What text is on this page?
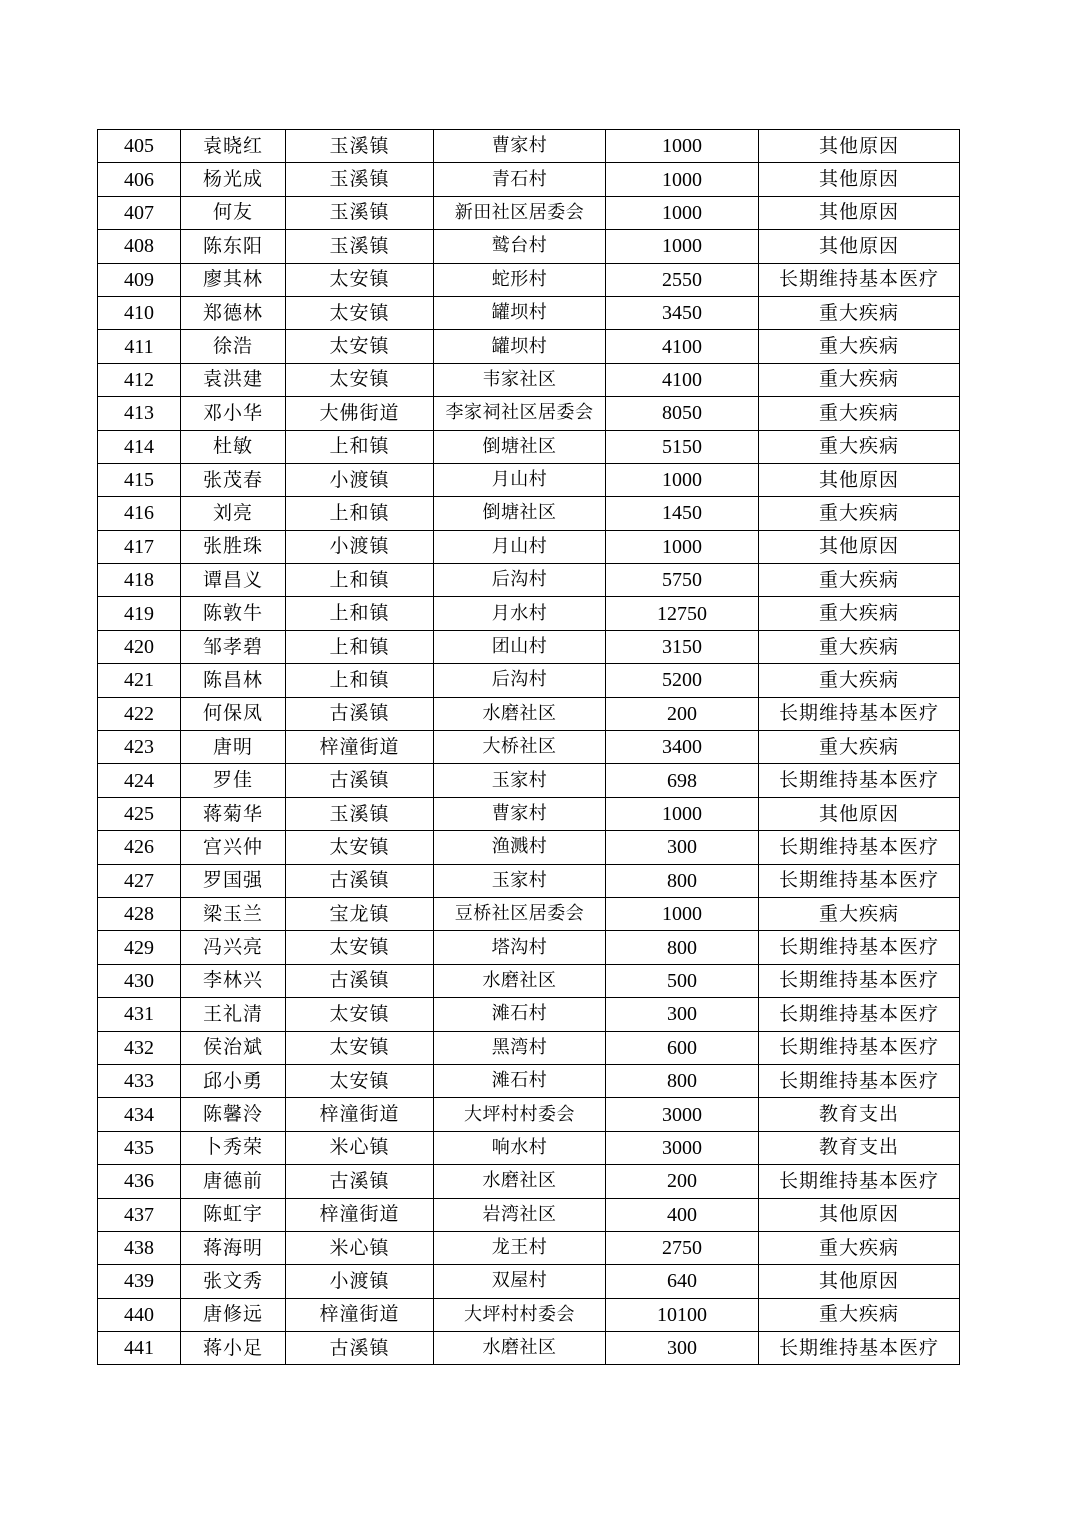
405	袁晓红	玉溪镇	曹家村	1000	其他原因
406	杨光成	玉溪镇	青石村	1000	其他原因
407	何友	玉溪镇	新田社区居委会	1000	其他原因
408	陈东阳	玉溪镇	鹫台村	1000	其他原因
409	廖其林	太安镇	蛇形村	2550	长期维持基本医疗
410	郑德林	太安镇	罐坝村	3450	重大疾病
411	徐浩	太安镇	罐坝村	4100	重大疾病
412	袁洪建	太安镇	韦家社区	4100	重大疾病
413	邓小华	大佛街道	李家祠社区居委会	8050	重大疾病
414	杜敏	上和镇	倒塘社区	5150	重大疾病
415	张茂春	小渡镇	月山村	1000	其他原因
416	刘亮	上和镇	倒塘社区	1450	重大疾病
417	张胜珠	小渡镇	月山村	1000	其他原因
418	谭昌义	上和镇	后沟村	5750	重大疾病
419	陈敦牛	上和镇	月水村	12750	重大疾病
420	邹孝碧	上和镇	团山村	3150	重大疾病
421	陈昌林	上和镇	后沟村	5200	重大疾病
422	何保凤	古溪镇	水磨社区	200	长期维持基本医疗
423	唐明	梓潼街道	大桥社区	3400	重大疾病
424	罗佳	古溪镇	玉家村	698	长期维持基本医疗
425	蒋菊华	玉溪镇	曹家村	1000	其他原因
426	宫兴仲	太安镇	渔溅村	300	长期维持基本医疗
427	罗国强	古溪镇	玉家村	800	长期维持基本医疗
428	梁玉兰	宝龙镇	豆桥社区居委会	1000	重大疾病
429	冯兴亮	太安镇	塔沟村	800	长期维持基本医疗
430	李林兴	古溪镇	水磨社区	500	长期维持基本医疗
431	王礼清	太安镇	滩石村	300	长期维持基本医疗
432	侯治斌	太安镇	黑湾村	600	长期维持基本医疗
433	邱小勇	太安镇	滩石村	800	长期维持基本医疗
434	陈馨泠	梓潼街道	大坪村村委会	3000	教育支出
435	卜秀荣	米心镇	响水村	3000	教育支出
436	唐德前	古溪镇	水磨社区	200	长期维持基本医疗
437	陈虹宇	梓潼街道	岩湾社区	400	其他原因
438	蒋海明	米心镇	龙王村	2750	重大疾病
439	张文秀	小渡镇	双屋村	640	其他原因
440	唐修远	梓潼街道	大坪村村委会	10100	重大疾病
441	蒋小足	古溪镇	水磨社区	300	长期维持基本医疗
